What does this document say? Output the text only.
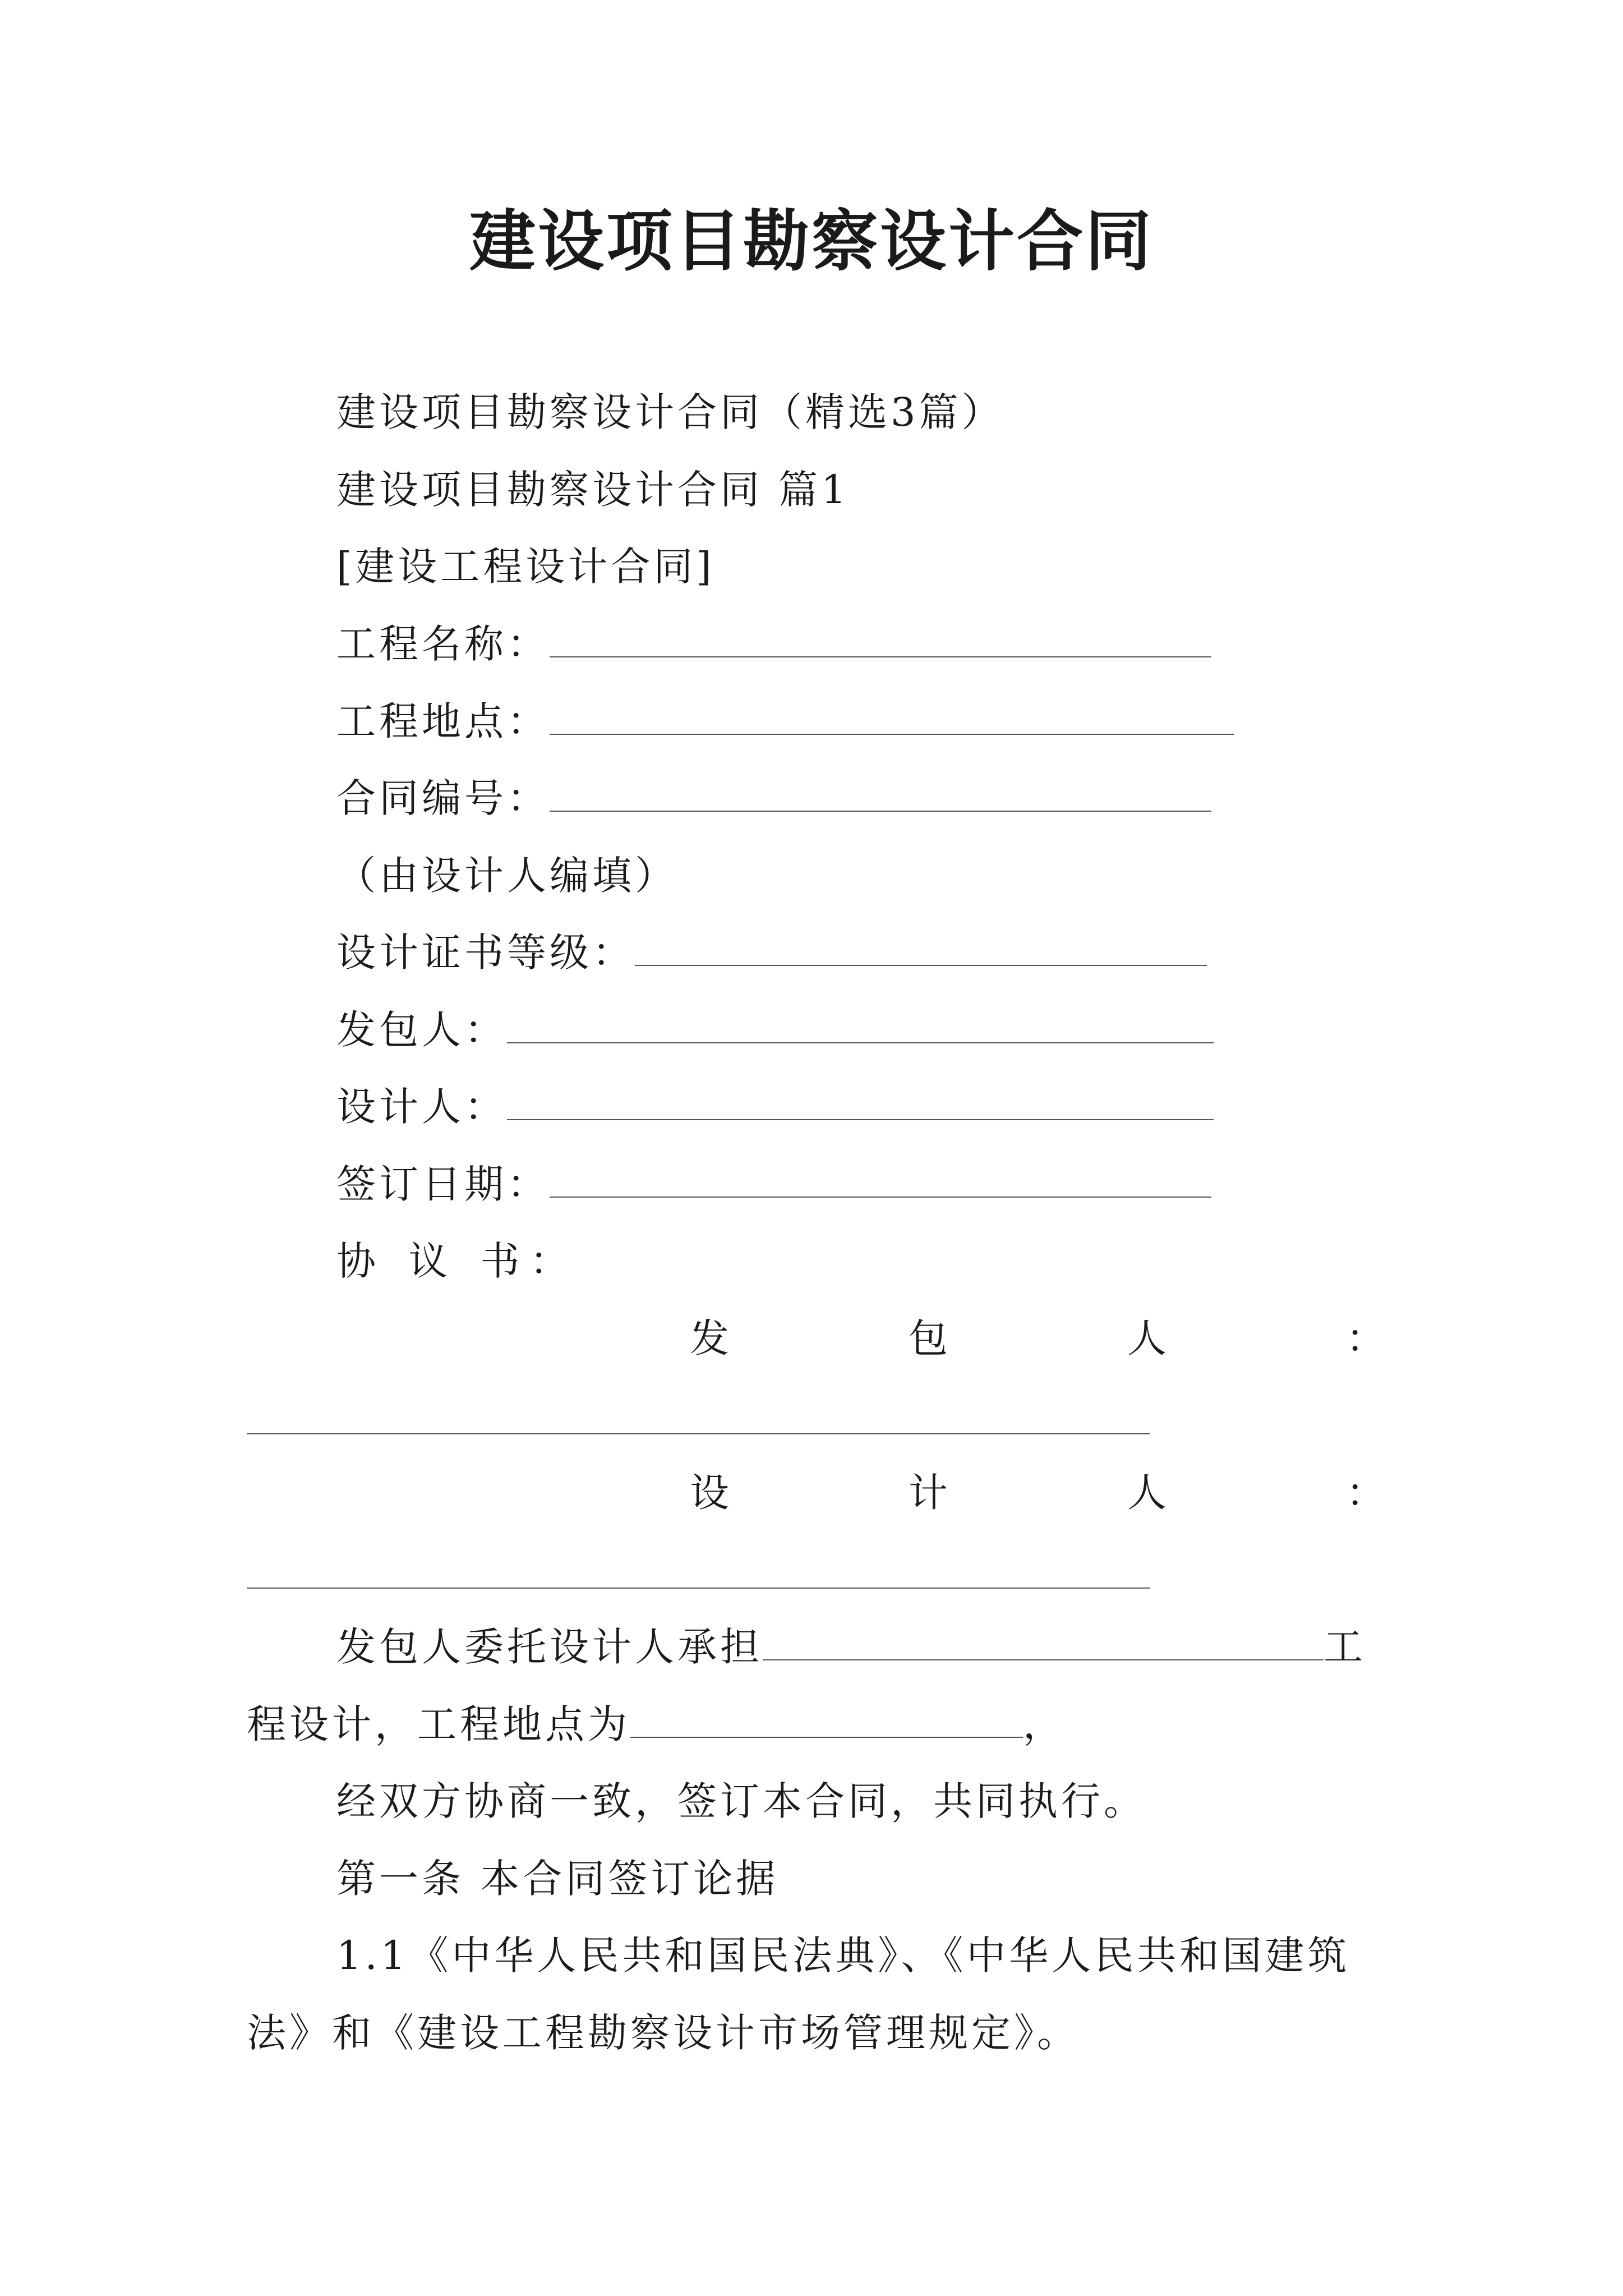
建设项目勘察设计合同
建设项目勘察设计合同（精选3篇）
建设项目勘察设计合同 篇1
[建设工程设计合同]
工程名称：
工程地点：
合同编号：
（由设计人编填）
设计证书等级：
发包人：
设计人：
签订日期：
协 议 书：
发	包	人	：
设	计	人	：
发包人委托设计人承担	工
程设计，工程地点为	，
经双方协商一致，签订本合同，共同执行。
第一条 本合同签订论据
1.1《中华人民共和国民法典》、《中华人民共和国建筑
法》和《建设工程勘察设计市场管理规定》。
